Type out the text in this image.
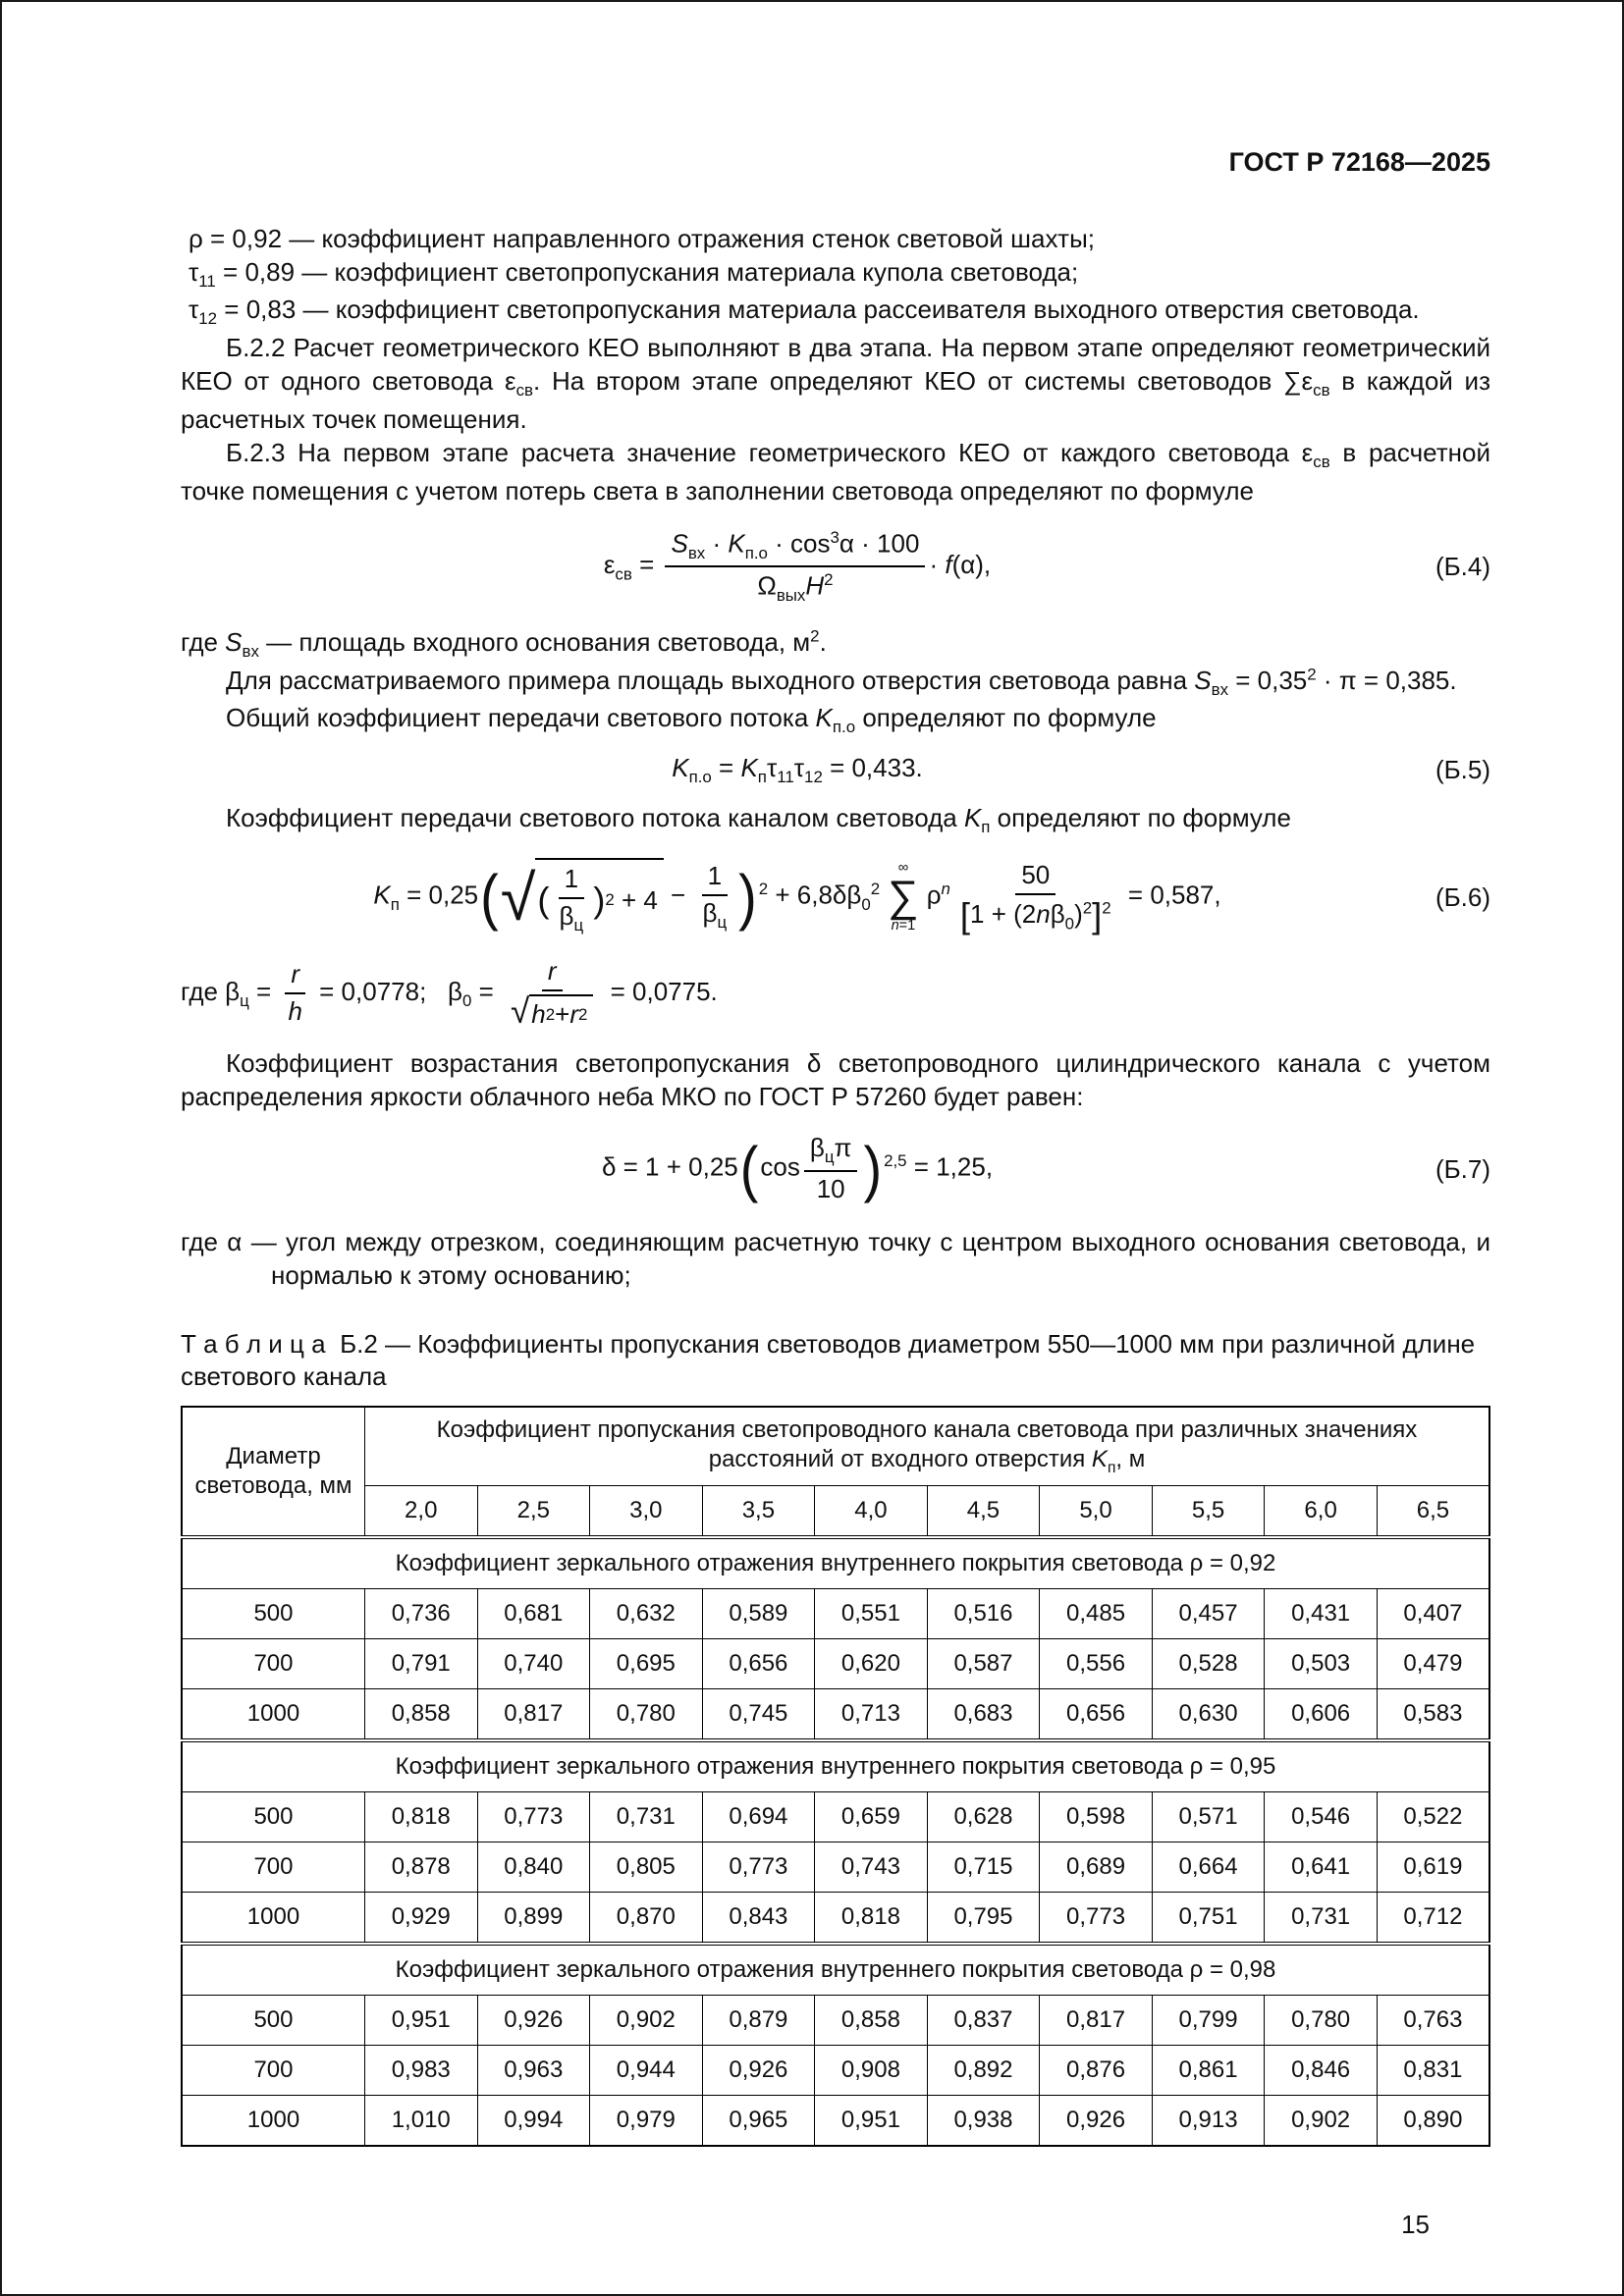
ГОСТ Р 72168—2025
ρ = 0,92 — коэффициент направленного отражения стенок световой шахты;
$\tau_{11} = 0,89$ — коэффициент светопропускания материала купола световода;
$\tau_{12} = 0,83$ — коэффициент светопропускания материала рассеивателя выходного отверстия световода.

Б.2.2 Расчет геометрического КЕО выполняют в два этапа. На первом этапе определяют геометрический КЕО от одного световода $\varepsilon_{св}$. На втором этапе определяют КЕО от системы световодов $\sum\varepsilon_{св}$ в каждой из расчетных точек помещения.

Б.2.3 На первом этапе расчета значение геометрического КЕО от каждого световода $\varepsilon_{св}$ в расчетной точке помещения с учетом потерь света в заполнении световода определяют по формуле

$\varepsilon_{св} = \frac{S_{вх} \cdot K_{п.о} \cdot \cos^3\alpha \cdot 100}{\Omega_{вых}H^2} \cdot f(\alpha)$,	(Б.4)

где $S_{вх}$ — площадь входного основания световода, $м^2$.

Для рассматриваемого примера площадь выходного отверстия световода равна $S_{вх} = 0,35^2 \cdot \pi = 0,385$.

Общий коэффициент передачи светового потока $K_{п.о}$ определяют по формуле

$K_{п.о} = K_п\tau_{11}\tau_{12} = 0,433$.	(Б.5)

Коэффициент передачи светового потока каналом световода $K_п$ определяют по формуле

$K_п = 0,25$( √ ( $\frac{1}{\beta_ц}$ ) $2 + 4 - \frac{1}{\beta_ц}$ ) $^2 + 6,8\delta\beta_0^2$
∞
∑
n=1
$\rho^n \frac{50}{[1 + (2n\beta_0)^2]^2} = 0,587$,	(Б.6)
где $\beta_ц = \frac{r}{h} = 0,0778$;   $\beta_0 = \frac{r}{√ h 2 + r 2} = 0,0775$.

Коэффициент возрастания светопропускания δ светопроводного цилиндрического канала с учетом распределения яркости облачного неба МКО по ГОСТ Р 57260 будет равен:

$\delta = 1 + 0,25(\cos \frac{\beta_ц\pi}{10}$ ) $^{2,5}$ = 1,25,	(Б.7)
где α — угол между отрезком, соединяющим расчетную точку с центром выходного основания световода, и нормалью к этому основанию;
Т а б л и ц а  Б.2 — Коэффициенты пропускания световодов диаметром 550—1000 мм при различной длине светового канала
Диаметр световода, мм	Коэффициент пропускания светопроводного канала световода при различных значениях расстояний от входного отверстия $K_п$, м									
	2,0	2,5	3,0	3,5	4,0	4,5	5,0	5,5	6,0	6,5
Коэффициент зеркального отражения внутреннего покрытия световода ρ = 0,92										
500	0,736	0,681	0,632	0,589	0,551	0,516	0,485	0,457	0,431	0,407
700	0,791	0,740	0,695	0,656	0,620	0,587	0,556	0,528	0,503	0,479
1000	0,858	0,817	0,780	0,745	0,713	0,683	0,656	0,630	0,606	0,583
Коэффициент зеркального отражения внутреннего покрытия световода ρ = 0,95										
500	0,818	0,773	0,731	0,694	0,659	0,628	0,598	0,571	0,546	0,522
700	0,878	0,840	0,805	0,773	0,743	0,715	0,689	0,664	0,641	0,619
1000	0,929	0,899	0,870	0,843	0,818	0,795	0,773	0,751	0,731	0,712
Коэффициент зеркального отражения внутреннего покрытия световода ρ = 0,98										
500	0,951	0,926	0,902	0,879	0,858	0,837	0,817	0,799	0,780	0,763
700	0,983	0,963	0,944	0,926	0,908	0,892	0,876	0,861	0,846	0,831
1000	1,010	0,994	0,979	0,965	0,951	0,938	0,926	0,913	0,902	0,890
15
